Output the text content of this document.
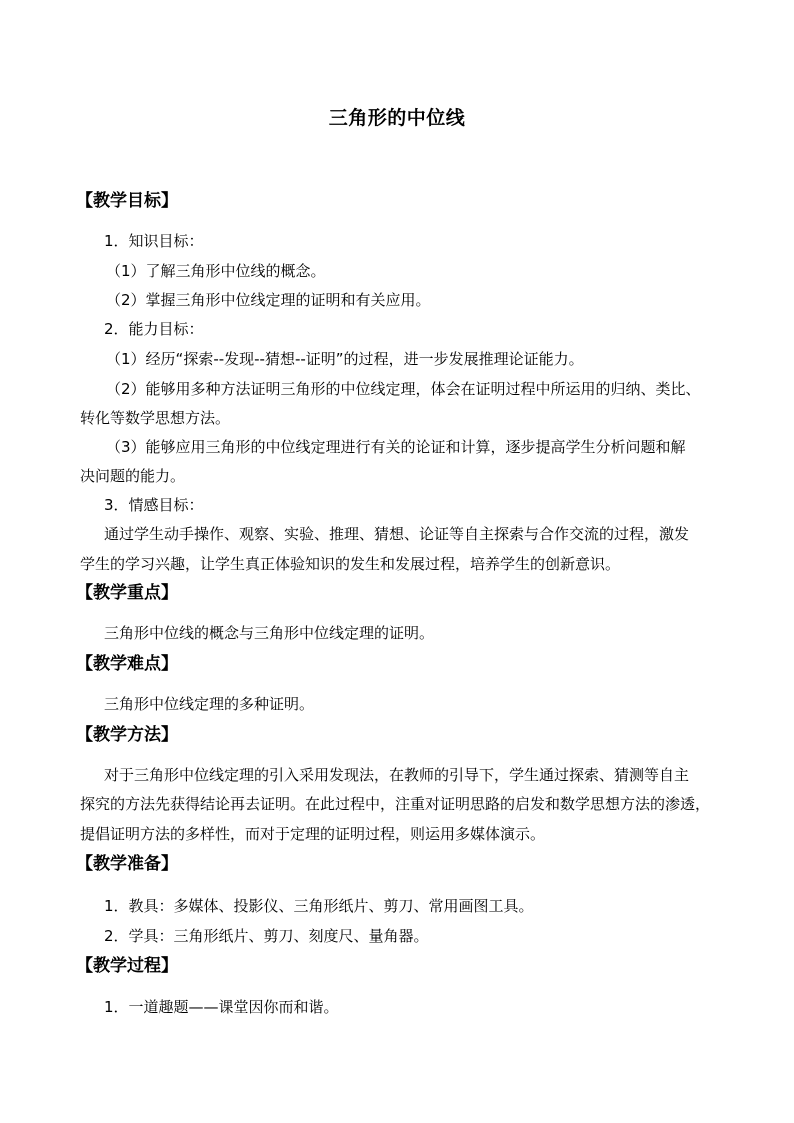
三角形的中位线
【教学目标】
1．知识目标：
（1）了解三角形中位线的概念。
（2）掌握三角形中位线定理的证明和有关应用。
2．能力目标：
（1）经历“探索--发现--猜想--证明”的过程，进一步发展推理论证能力。
（2）能够用多种方法证明三角形的中位线定理，体会在证明过程中所运用的归纳、类比、
转化等数学思想方法。
（3）能够应用三角形的中位线定理进行有关的论证和计算，逐步提高学生分析问题和解
决问题的能力。
3．情感目标：
通过学生动手操作、观察、实验、推理、猜想、论证等自主探索与合作交流的过程，激发
学生的学习兴趣，让学生真正体验知识的发生和发展过程，培养学生的创新意识。
【教学重点】
三角形中位线的概念与三角形中位线定理的证明。
【教学难点】
三角形中位线定理的多种证明。
【教学方法】
对于三角形中位线定理的引入采用发现法，在教师的引导下，学生通过探索、猜测等自主
探究的方法先获得结论再去证明。在此过程中，注重对证明思路的启发和数学思想方法的渗透，
提倡证明方法的多样性，而对于定理的证明过程，则运用多媒体演示。
【教学准备】
1．教具：多媒体、投影仪、三角形纸片、剪刀、常用画图工具。
2．学具：三角形纸片、剪刀、刻度尺、量角器。
【教学过程】
1．一道趣题——课堂因你而和谐。
